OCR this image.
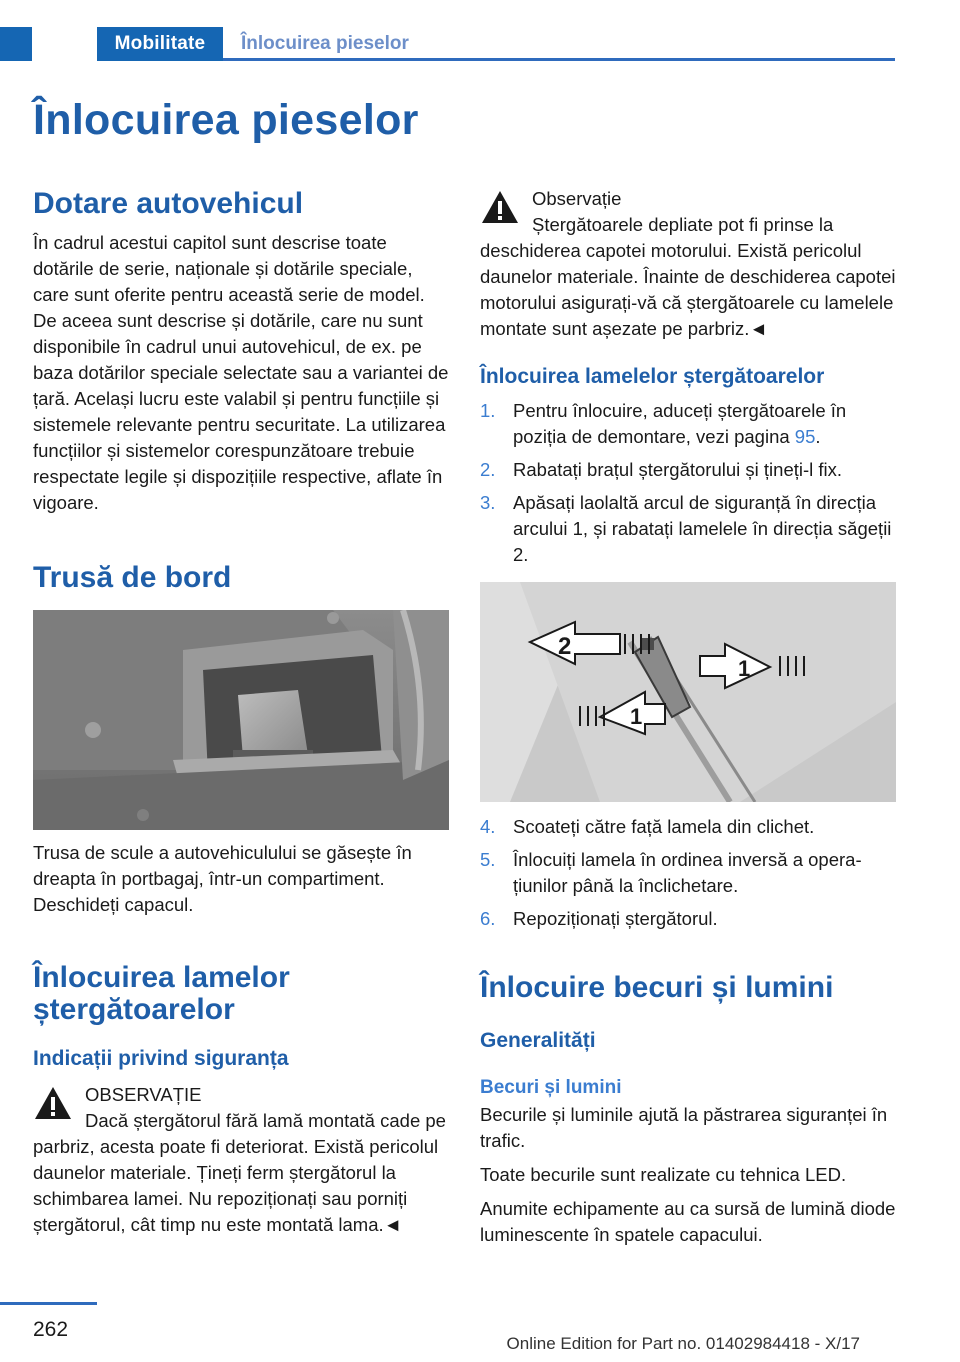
Mobilitate	Înlocuirea pieselor
Înlocuirea pieselor
Dotare autovehicul

În cadrul acestui capitol sunt descrise toate dotările de serie, naționale și dotările speciale, care sunt oferite pentru această serie de model. De aceea sunt descrise și dotările, care nu sunt disponibile în cadrul unui autovehicul, de ex. pe baza dotărilor speciale selectate sau a variantei de țară. Același lucru este valabil și pentru funcțiile și sistemele relevante pentru securitate. La utilizarea funcțiilor și sistemelor corespunzătoare trebuie respectate legile și dispozițiile respective, aflate în vigoare.

Trusă de bord

Trusa de scule a autovehiculului se găsește în dreapta în portbagaj, într-un compartiment. Deschideți capacul.

Înlocuirea lamelor ștergătoarelor
Indicații privind siguranța
OBSERVAȚIE
Dacă ștergătorul fără lamă montată cade pe parbriz, acesta poate fi deteriorat. Există pericolul daunelor materiale. Țineți ferm ștergătorul la schimbarea lamei. Nu repoziționați sau porniți ștergătorul, cât timp nu este montată lama.◄
Observație
Ștergătoarele depliate pot fi prinse la deschiderea capotei motorului. Există pericolul daunelor materiale. Înainte de deschiderea capotei motorului asigurați-vă că ștergătoarele cu lamelele montate sunt așezate pe parbriz.◄
Înlocuirea lamelelor ștergătoarelor
1. Pentru înlocuire, aduceți ștergătoarele în poziția de demontare, vezi pagina 95.
2. Rabatați brațul ștergătorului și țineți-l fix.
3. Apăsați laolaltă arcul de siguranță în direcția arcului 1, și rabatați lamelele în direcția săgeții 2.
2
1
1
4. Scoateți către față lamela din clichet.
5. Înlocuiți lamela în ordinea inversă a operațiunilor până la înclichetare.
6. Repoziționați ștergătorul.
Înlocuire becuri și lumini
Generalități
Becuri și lumini

Becurile și luminile ajută la păstrarea siguranței în trafic.

Toate becurile sunt realizate cu tehnica LED.

Anumite echipamente au ca sursă de lumină diode luminescente în spatele capacului.

262
Online Edition for Part no. 01402984418 - X/17
